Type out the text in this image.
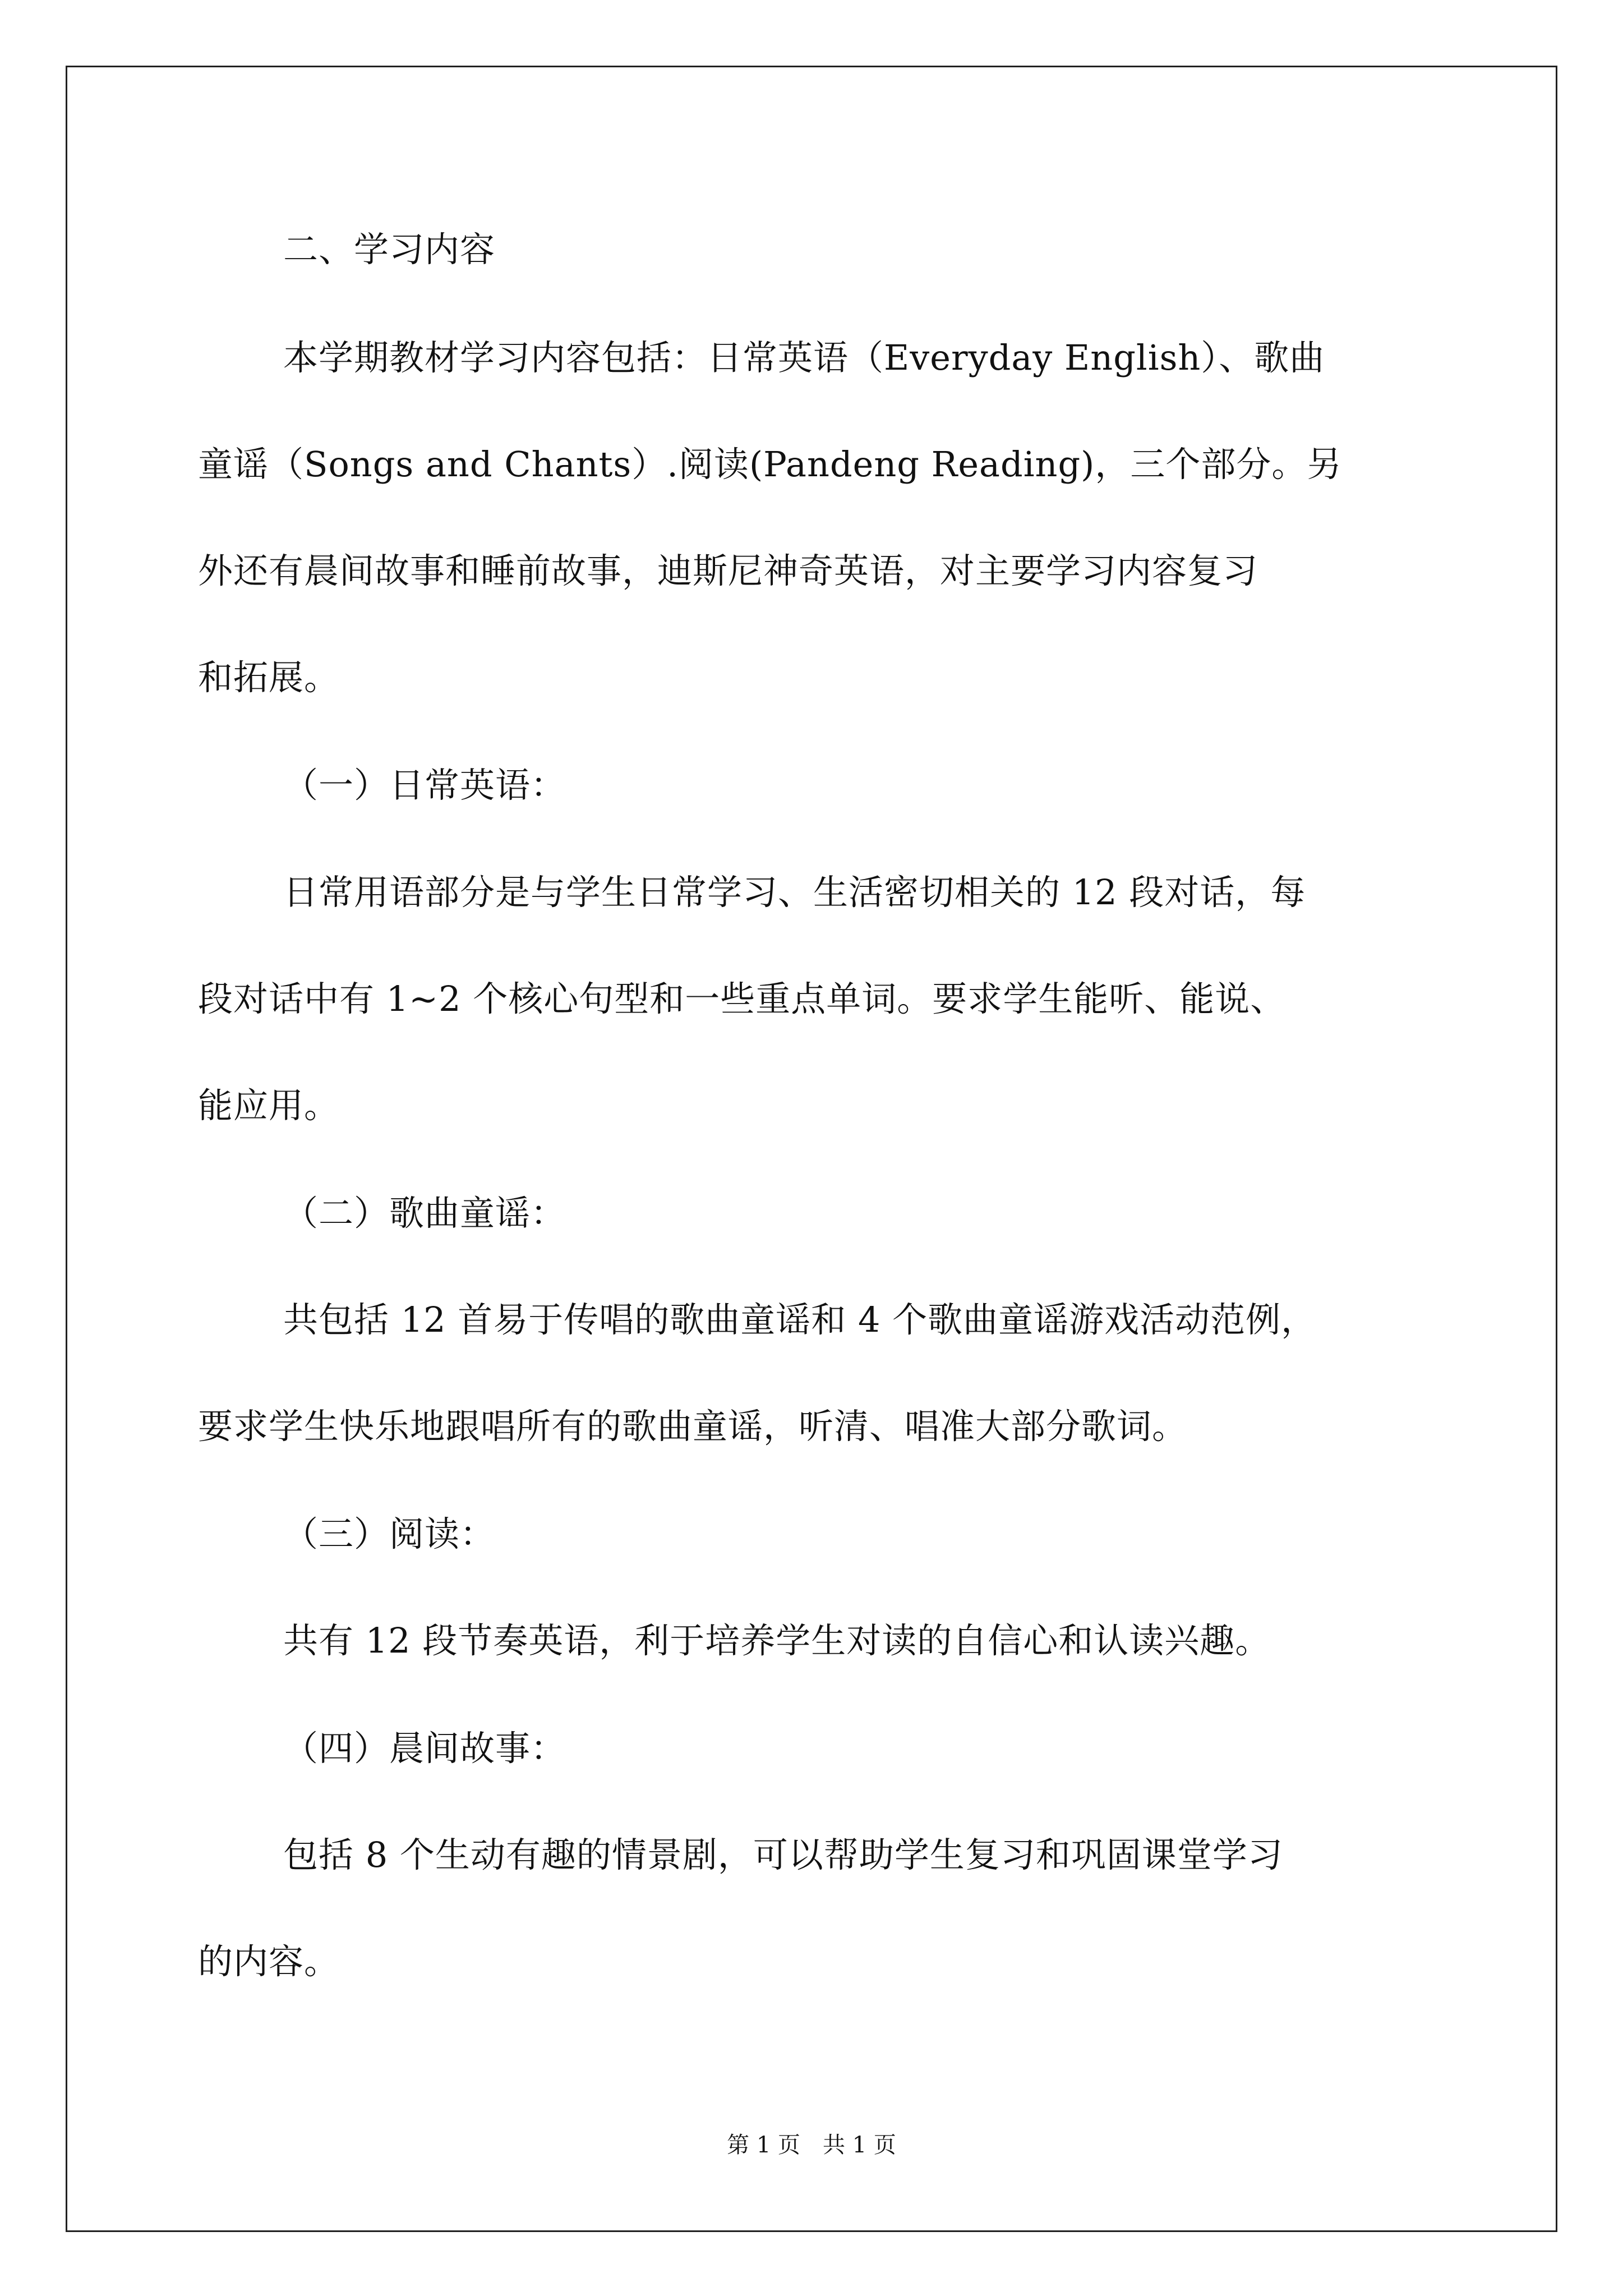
二、学习内容
本学期教材学习内容包括：日常英语（Everyday English）、歌曲
童谣（Songs and Chants）.阅读(Pandeng Reading)，三个部分。另
外还有晨间故事和睡前故事，迪斯尼神奇英语，对主要学习内容复习
和拓展。
（一）日常英语：
日常用语部分是与学生日常学习、生活密切相关的 12 段对话，每
段对话中有 1~2 个核心句型和一些重点单词。要求学生能听、能说、
能应用。
（二）歌曲童谣：
共包括 12 首易于传唱的歌曲童谣和 4 个歌曲童谣游戏活动范例，
要求学生快乐地跟唱所有的歌曲童谣，听清、唱准大部分歌词。
（三）阅读：
共有 12 段节奏英语，利于培养学生对读的自信心和认读兴趣。
（四）晨间故事：
包括 8 个生动有趣的情景剧，可以帮助学生复习和巩固课堂学习
的内容。
第 1 页　共 1 页
